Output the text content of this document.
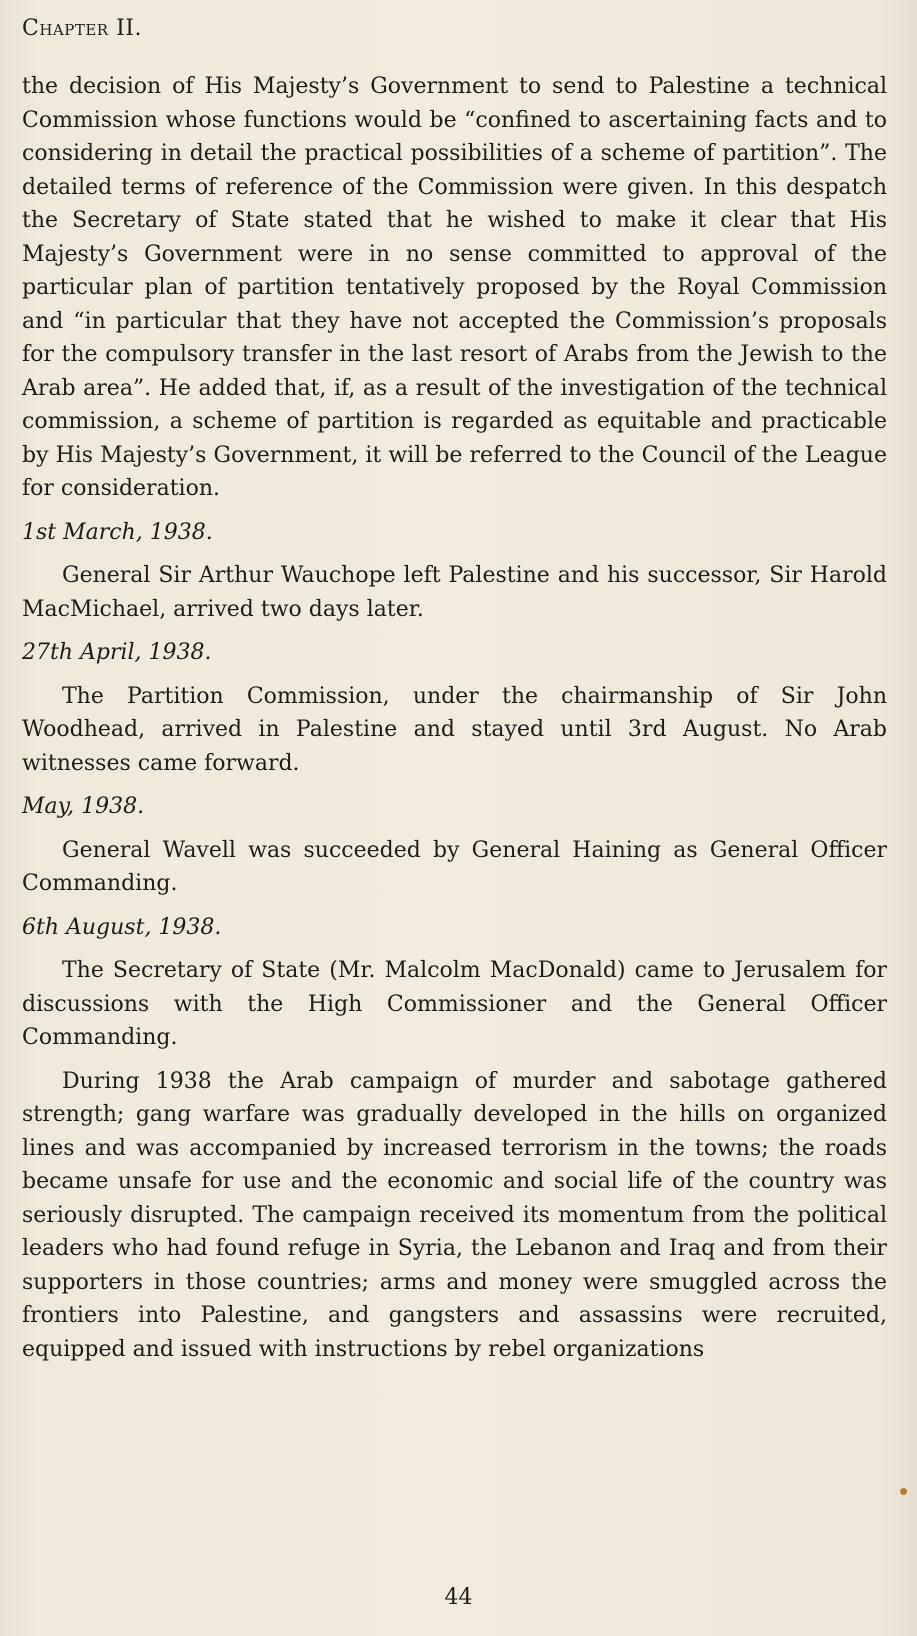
Chapter II.

the decision of His Majesty’s Government to send to Palestine a technical Commission whose functions would be “confined to ascertaining facts and to considering in detail the practical possibilities of a scheme of partition”. The detailed terms of reference of the Commission were given. In this despatch the Secretary of State stated that he wished to make it clear that His Majesty’s Government were in no sense committed to approval of the particular plan of partition tentatively proposed by the Royal Commission and “in particular that they have not accepted the Commission’s proposals for the compulsory transfer in the last resort of Arabs from the Jewish to the Arab area”. He added that, if, as a result of the investigation of the technical commission, a scheme of partition is regarded as equitable and practicable by His Majesty’s Government, it will be referred to the Council of the League for consideration.

1st March, 1938.

General Sir Arthur Wauchope left Palestine and his successor, Sir Harold MacMichael, arrived two days later.

27th April, 1938.

The Partition Commission, under the chairmanship of Sir John Woodhead, arrived in Palestine and stayed until 3rd August. No Arab witnesses came forward.

May, 1938.

General Wavell was succeeded by General Haining as General Officer Commanding.

6th August, 1938.

The Secretary of State (Mr. Malcolm MacDonald) came to Jerusalem for discussions with the High Commissioner and the General Officer Commanding.

During 1938 the Arab campaign of murder and sabotage gathered strength; gang warfare was gradually developed in the hills on organized lines and was accompanied by increased terrorism in the towns; the roads became unsafe for use and the economic and social life of the country was seriously disrupted. The campaign received its momentum from the political leaders who had found refuge in Syria, the Lebanon and Iraq and from their supporters in those countries; arms and money were smuggled across the frontiers into Palestine, and gangsters and assassins were recruited, equipped and issued with instructions by rebel organizations

44
